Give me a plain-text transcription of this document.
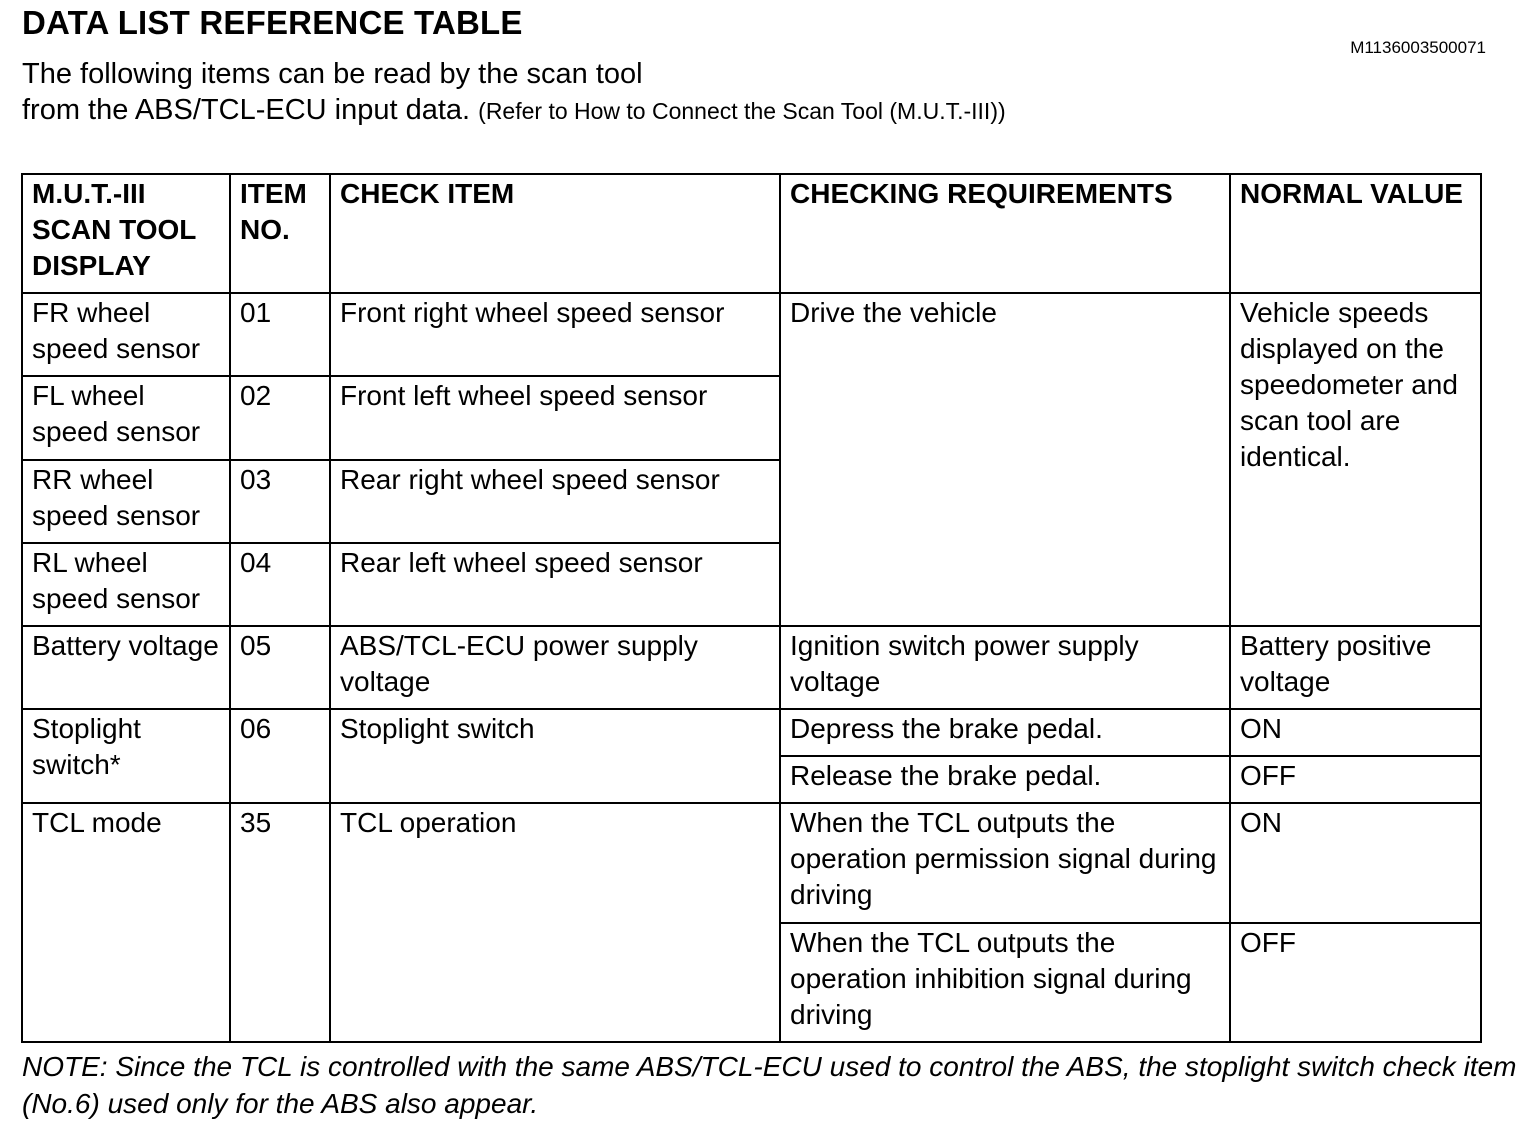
DATA LIST REFERENCE TABLE
M1136003500071
The following items can be read by the scan tool
from the ABS/TCL-ECU input data. (Refer to How to Connect the Scan Tool (M.U.T.-III))
M.U.T.-III SCAN TOOL DISPLAY	ITEM NO.	CHECK ITEM	CHECKING REQUIREMENTS	NORMAL VALUE
FR wheel speed sensor	01	Front right wheel speed sensor	Drive the vehicle	Vehicle speeds displayed on the speedometer and scan tool are identical.
FL wheel speed sensor	02	Front left wheel speed sensor		
RR wheel speed sensor	03	Rear right wheel speed sensor		
RL wheel speed sensor	04	Rear left wheel speed sensor		
Battery voltage	05	ABS/TCL-ECU power supply voltage	Ignition switch power supply voltage	Battery positive voltage
Stoplight switch*	06	Stoplight switch	Depress the brake pedal.	ON
			Release the brake pedal.	OFF
TCL mode	35	TCL operation	When the TCL outputs the operation permission signal during driving	ON
			When the TCL outputs the operation inhibition signal during driving	OFF
NOTE: Since the TCL is controlled with the same ABS/TCL-ECU used to control the ABS, the stoplight switch check item (No.6) used only for the ABS also appear.
